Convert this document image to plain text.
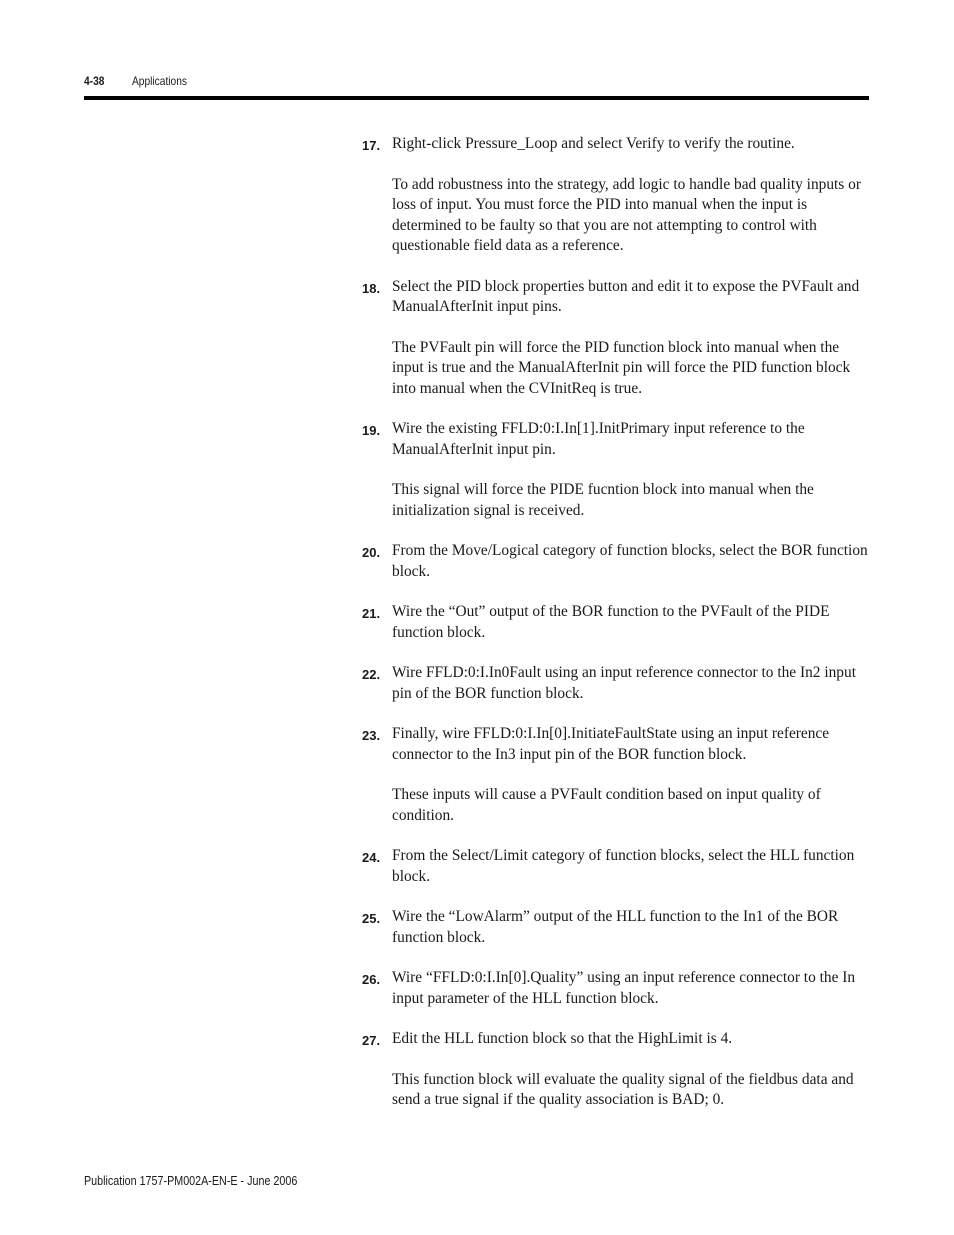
4-38 Applications
17. Right-click Pressure_Loop and select Verify to verify the routine.

To add robustness into the strategy, add logic to handle bad quality inputs or loss of input. You must force the PID into manual when the input is determined to be faulty so that you are not attempting to control with questionable field data as a reference.

18. Select the PID block properties button and edit it to expose the PVFault and ManualAfterInit input pins.

The PVFault pin will force the PID function block into manual when the input is true and the ManualAfterInit pin will force the PID function block into manual when the CVInitReq is true.

19. Wire the existing FFLD:0:I.In[1].InitPrimary input reference to the ManualAfterInit input pin.

This signal will force the PIDE fucntion block into manual when the initialization signal is received.

20. From the Move/Logical category of function blocks, select the BOR function block.
21. Wire the “Out” output of the BOR function to the PVFault of the PIDE function block.
22. Wire FFLD:0:I.In0Fault using an input reference connector to the In2 input pin of the BOR function block.
23. Finally, wire FFLD:0:I.In[0].InitiateFaultState using an input reference connector to the In3 input pin of the BOR function block.

These inputs will cause a PVFault condition based on input quality of condition.

24. From the Select/Limit category of function blocks, select the HLL function block.
25. Wire the “LowAlarm” output of the HLL function to the In1 of the BOR function block.
26. Wire “FFLD:0:I.In[0].Quality” using an input reference connector to the In input parameter of the HLL function block.
27. Edit the HLL function block so that the HighLimit is 4.

This function block will evaluate the quality signal of the fieldbus data and send a true signal if the quality association is BAD; 0.

Publication 1757-PM002A-EN-E - June 2006
